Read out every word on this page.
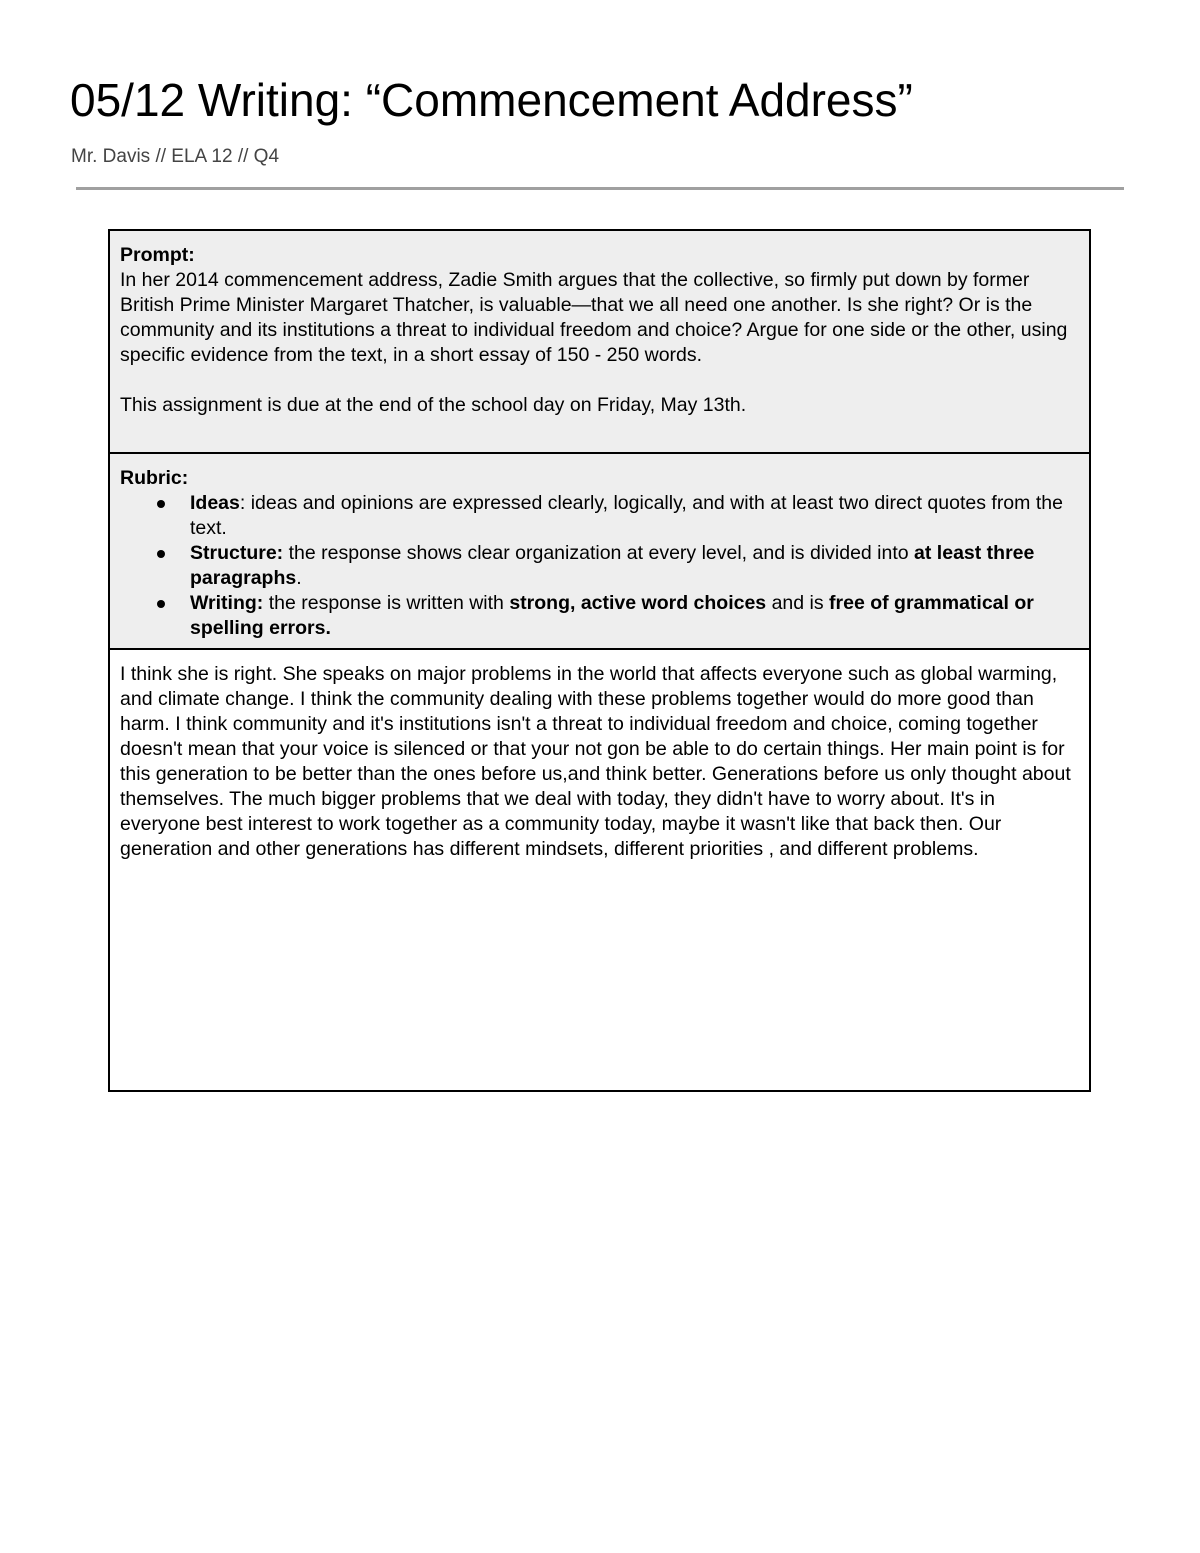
05/12 Writing: “Commencement Address”

Mr. Davis // ELA 12 // Q4

Prompt:
In her 2014 commencement address, Zadie Smith argues that the collective, so firmly put down by former British Prime Minister Margaret Thatcher, is valuable—that we all need one another. Is she right? Or is the community and its institutions a threat to individual freedom and choice? Argue for one side or the other, using specific evidence from the text, in a short essay of 150 - 250 words.
This assignment is due at the end of the school day on Friday, May 13th.
Rubric:
Ideas: ideas and opinions are expressed clearly, logically, and with at least two direct quotes from the text.
Structure: the response shows clear organization at every level, and is divided into at least three paragraphs.
Writing: the response is written with strong, active word choices and is free of grammatical or spelling errors.
I think she is right. She speaks on major problems in the world that affects everyone such as global warming, and climate change. I think the community dealing with these problems together would do more good than harm. I think community and it's institutions isn't a threat to individual freedom and choice, coming together doesn't mean that your voice is silenced or that your not gon be able to do certain things. Her main point is for this generation to be better than the ones before us,and think better. Generations before us only thought about themselves. The much bigger problems that we deal with today, they didn't have to worry about. It's in everyone best interest to work together as a community today, maybe it wasn't like that back then. Our generation and other generations has different mindsets, different priorities , and different problems.
